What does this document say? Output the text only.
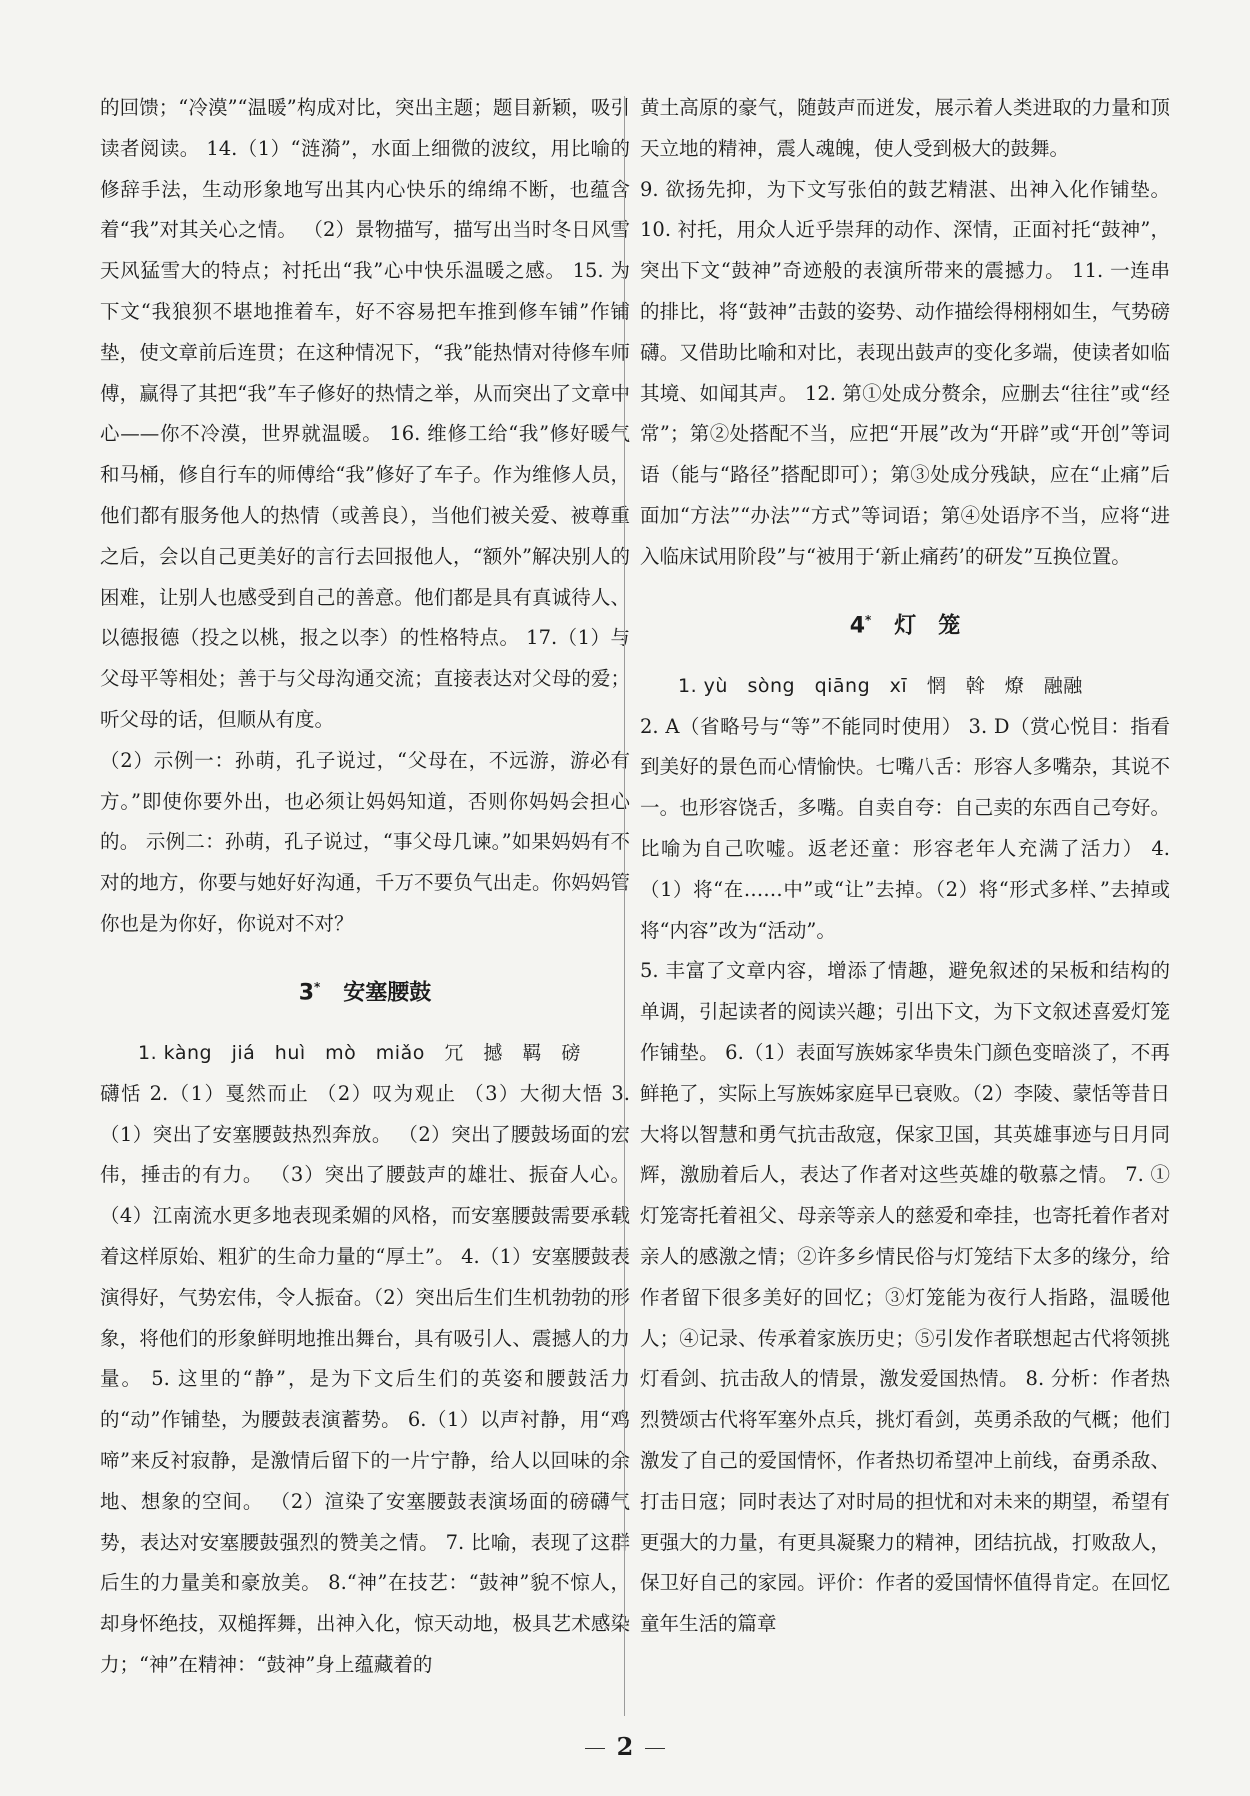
的回馈；“冷漠”“温暖”构成对比，突出主题；题目新颖，吸引读者阅读。 14.（1）“涟漪”，水面上细微的波纹，用比喻的修辞手法，生动形象地写出其内心快乐的绵绵不断，也蕴含着“我”对其关心之情。 （2）景物描写，描写出当时冬日风雪天风猛雪大的特点；衬托出“我”心中快乐温暖之感。 15. 为下文“我狼狈不堪地推着车，好不容易把车推到修车铺”作铺垫，使文章前后连贯；在这种情况下，“我”能热情对待修车师傅，赢得了其把“我”车子修好的热情之举，从而突出了文章中心——你不冷漠，世界就温暖。 16. 维修工给“我”修好暖气和马桶，修自行车的师傅给“我”修好了车子。作为维修人员，他们都有服务他人的热情（或善良），当他们被关爱、被尊重之后，会以自己更美好的言行去回报他人，“额外”解决别人的困难，让别人也感受到自己的善意。他们都是具有真诚待人、以德报德（投之以桃，报之以李）的性格特点。 17.（1）与父母平等相处；善于与父母沟通交流；直接表达对父母的爱；听父母的话，但顺从有度。

（2）示例一：孙萌，孔子说过，“父母在，不远游，游必有方。”即使你要外出，也必须让妈妈知道，否则你妈妈会担心的。 示例二：孙萌，孔子说过，“事父母几谏。”如果妈妈有不对的地方，你要与她好好沟通，千万不要负气出走。你妈妈管你也是为你好，你说对不对？

3* 安塞腰鼓

1. kàng　jiá　huì　mò　miǎo　冗　撼　羁　磅

礴恬 2.（1）戛然而止 （2）叹为观止 （3）大彻大悟 3.（1）突出了安塞腰鼓热烈奔放。 （2）突出了腰鼓场面的宏伟，捶击的有力。 （3）突出了腰鼓声的雄壮、振奋人心。 （4）江南流水更多地表现柔媚的风格，而安塞腰鼓需要承载着这样原始、粗犷的生命力量的“厚土”。 4.（1）安塞腰鼓表演得好，气势宏伟，令人振奋。（2）突出后生们生机勃勃的形象，将他们的形象鲜明地推出舞台，具有吸引人、震撼人的力量。 5. 这里的“静”，是为下文后生们的英姿和腰鼓活力的“动”作铺垫，为腰鼓表演蓄势。 6.（1）以声衬静，用“鸡啼”来反衬寂静，是激情后留下的一片宁静，给人以回味的余地、想象的空间。 （2）渲染了安塞腰鼓表演场面的磅礴气势，表达对安塞腰鼓强烈的赞美之情。 7. 比喻，表现了这群后生的力量美和豪放美。 8.“神”在技艺：“鼓神”貌不惊人，却身怀绝技，双槌挥舞，出神入化，惊天动地，极具艺术感染力；“神”在精神：“鼓神”身上蕴藏着的

黄土高原的豪气，随鼓声而迸发，展示着人类进取的力量和顶天立地的精神，震人魂魄，使人受到极大的鼓舞。

9. 欲扬先抑，为下文写张伯的鼓艺精湛、出神入化作铺垫。 10. 衬托，用众人近乎崇拜的动作、深情，正面衬托“鼓神”，突出下文“鼓神”奇迹般的表演所带来的震撼力。 11. 一连串的排比，将“鼓神”击鼓的姿势、动作描绘得栩栩如生，气势磅礴。又借助比喻和对比，表现出鼓声的变化多端，使读者如临其境、如闻其声。 12. 第①处成分赘余，应删去“往往”或“经常”；第②处搭配不当，应把“开展”改为“开辟”或“开创”等词语（能与“路径”搭配即可）；第③处成分残缺，应在“止痛”后面加“方法”“办法”“方式”等词语；第④处语序不当，应将“进入临床试用阶段”与“被用于‘新止痛药’的研发”互换位置。

4* 灯　笼

1. yù　sòng　qiāng　xī　惘　斡　燎　融融

2. A（省略号与“等”不能同时使用） 3. D（赏心悦目：指看到美好的景色而心情愉快。七嘴八舌：形容人多嘴杂，其说不一。也形容饶舌，多嘴。自卖自夸：自己卖的东西自己夸好。比喻为自己吹嘘。返老还童：形容老年人充满了活力） 4.（1）将“在……中”或“让”去掉。（2）将“形式多样、”去掉或将“内容”改为“活动”。

5. 丰富了文章内容，增添了情趣，避免叙述的呆板和结构的单调，引起读者的阅读兴趣；引出下文，为下文叙述喜爱灯笼作铺垫。 6.（1）表面写族姊家华贵朱门颜色变暗淡了，不再鲜艳了，实际上写族姊家庭早已衰败。（2）李陵、蒙恬等昔日大将以智慧和勇气抗击敌寇，保家卫国，其英雄事迹与日月同辉，激励着后人，表达了作者对这些英雄的敬慕之情。 7. ①灯笼寄托着祖父、母亲等亲人的慈爱和牵挂，也寄托着作者对亲人的感激之情；②许多乡情民俗与灯笼结下太多的缘分，给作者留下很多美好的回忆；③灯笼能为夜行人指路，温暖他人；④记录、传承着家族历史；⑤引发作者联想起古代将领挑灯看剑、抗击敌人的情景，激发爱国热情。 8. 分析：作者热烈赞颂古代将军塞外点兵，挑灯看剑，英勇杀敌的气概；他们激发了自己的爱国情怀，作者热切希望冲上前线，奋勇杀敌、打击日寇；同时表达了对时局的担忧和对未来的期望，希望有更强大的力量，有更具凝聚力的精神，团结抗战，打败敌人，保卫好自己的家园。评价：作者的爱国情怀值得肯定。在回忆童年生活的篇章

2
